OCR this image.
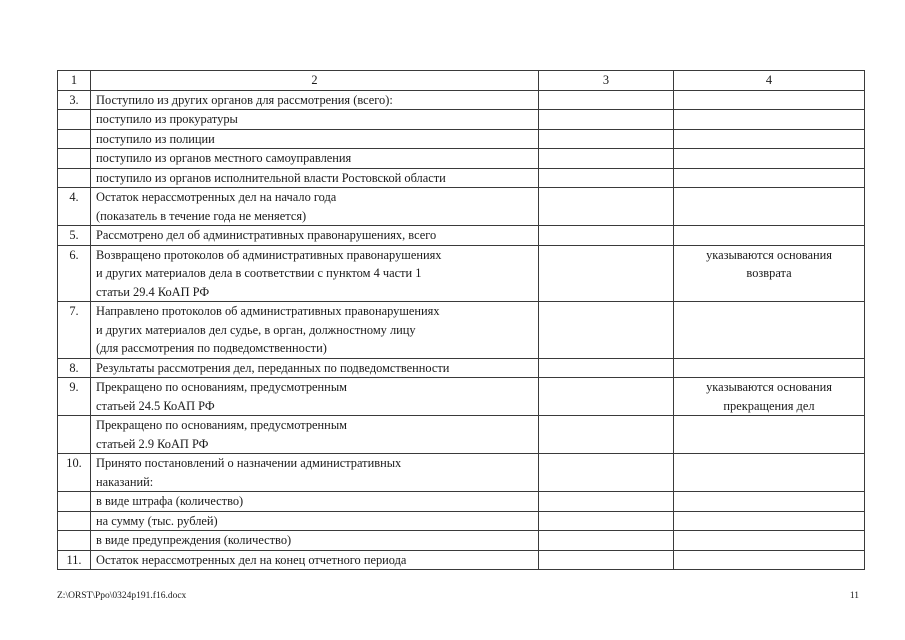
1	2	3	4
3.	Поступило из других органов для рассмотрения (всего):		

	поступило из прокуратуры		

	поступило из полиции		

	поступило из органов местного самоуправления		

	поступило из органов исполнительной власти Ростовской области		

4.	Остаток нерассмотренных дел на начало года
(показатель в течение года не меняется)		

5.	Рассмотрено дел об административных правонарушениях, всего		

6.	Возвращено протоколов об административных правонарушениях
и других материалов дела в соответствии с пунктом 4 части 1
статьи 29.4 КоАП РФ		указываются основания
возврата

7.	Направлено протоколов об административных правонарушениях
и других материалов дел судье, в орган, должностному лицу
(для рассмотрения по подведомственности)		

8.	Результаты рассмотрения дел, переданных по подведомственности		

9.	Прекращено по основаниям, предусмотренным
статьей 24.5 КоАП РФ		указываются основания
прекращения дел

	Прекращено по основаниям, предусмотренным
статьей 2.9 КоАП РФ		

10.	Принято постановлений о назначении административных
наказаний:		

	в виде штрафа (количество)		

	на сумму (тыс. рублей)		

	в виде предупреждения (количество)		

11.	Остаток нерассмотренных дел на конец отчетного периода		

Z:\ORST\Ppo\0324p191.f16.docx	11
